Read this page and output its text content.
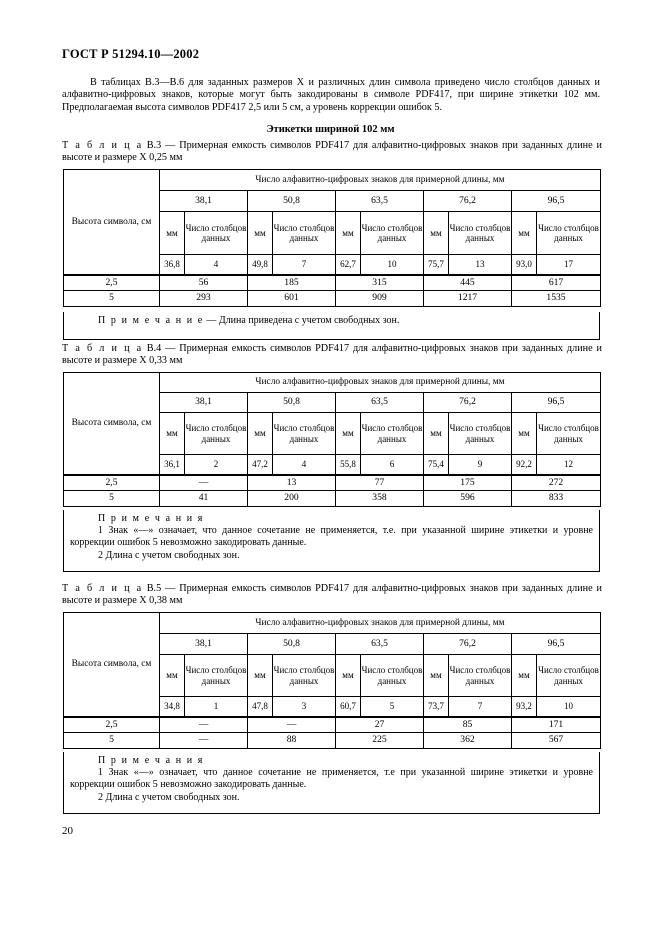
ГОСТ Р 51294.10—2002
В таблицах В.3—В.6 для заданных размеров X и различных длин символа приведено число столбцов данных и алфавитно-цифровых знаков, которые могут быть закодированы в символе PDF417, при ширине этикетки 102 мм. Предполагаемая высота символов PDF417 2,5 или 5 см, а уровень коррекции ошибок 5.
Этикетки шириной 102 мм
Т а б л и ц а В.3 — Примерная емкость символов PDF417 для алфавитно-цифровых знаков при заданных длине и высоте и размере X 0,25 мм
Высота символа, см	Число алфавитно-цифровых знаков для примерной длины, мм									
	38,1		50,8		63,5		76,2		96,5	
	мм	Число столбцов данных	мм	Число столбцов данных	мм	Число столбцов данных	мм	Число столбцов данных	мм	Число столбцов данных
	36,8	4	49,8	7	62,7	10	75,7	13	93,0	17
2,5	56		185		315		445		617	
5	293		601		909		1217		1535	
П р и м е ч а н и е — Длина приведена с учетом свободных зон.
Т а б л и ц а В.4 — Примерная емкость символов PDF417 для алфавитно-цифровых знаков при заданных длине и высоте и размере X 0,33 мм
Высота символа, см	Число алфавитно-цифровых знаков для примерной длины, мм									
	38,1		50,8		63,5		76,2		96,5	
	мм	Число столбцов данных	мм	Число столбцов данных	мм	Число столбцов данных	мм	Число столбцов данных	мм	Число столбцов данных
	36,1	2	47,2	4	55,8	6	75,4	9	92,2	12
2,5	—		13		77		175		272	
5	41		200		358		596		833	
П р и м е ч а н и я
1 Знак «—» означает, что данное сочетание не применяется, т.е. при указанной ширине этикетки и уровне коррекции ошибок 5 невозможно закодировать данные.
2 Длина с учетом свободных зон.
Т а б л и ц а В.5 — Примерная емкость символов PDF417 для алфавитно-цифровых знаков при заданных длине и высоте и размере X 0,38 мм
Высота символа, см	Число алфавитно-цифровых знаков для примерной длины, мм									
	38,1		50,8		63,5		76,2		96,5	
	мм	Число столбцов данных	мм	Число столбцов данных	мм	Число столбцов данных	мм	Число столбцов данных	мм	Число столбцов данных
	34,8	1	47,8	3	60,7	5	73,7	7	93,2	10
2,5	—		—		27		85		171	
5	—		88		225		362		567	
П р и м е ч а н и я
1 Знак «—» означает, что данное сочетание не применяется, т.е при указанной ширине этикетки и уровне коррекции ошибок 5 невозможно закодировать данные.
2 Длина с учетом свободных зон.
20
